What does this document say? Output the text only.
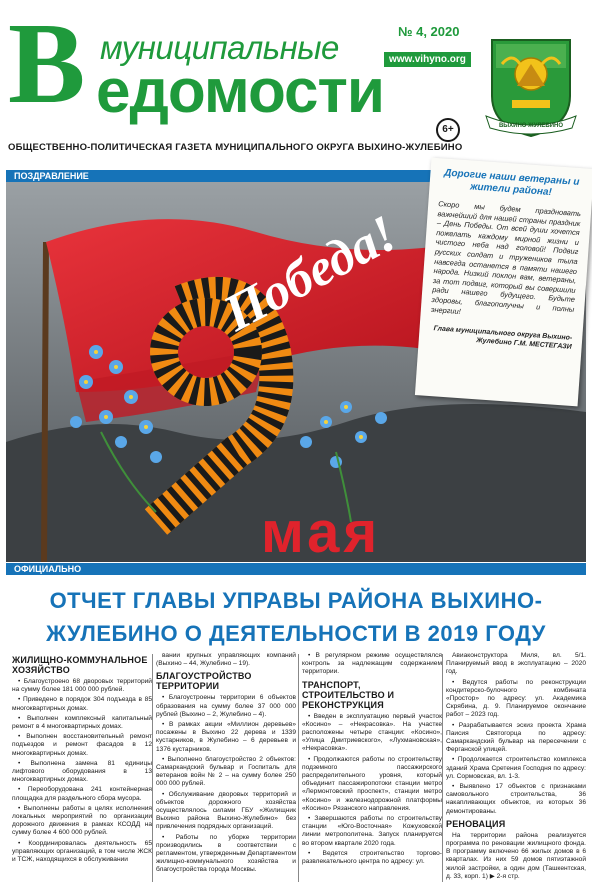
В муниципальные
едомости
№ 4, 2020
www.vihyno.org
6+	ВЫХИНО ЖУЛЕБИНО
ОБЩЕСТВЕННО-ПОЛИТИЧЕСКАЯ ГАЗЕТА МУНИЦИПАЛЬНОГО ОКРУГА ВЫХИНО-ЖУЛЕБИНО
ПОЗДРАВЛЕНИЕ
Победа!
мая
Дорогие наши ветераны и жители района!
Скоро мы будем праздновать важнейший для нашей страны праздник – День Победы. От всей души хочется пожелать каждому мирной жизни и чистого неба над головой! Подвиг русских солдат и тружеников тыла навсегда останется в памяти нашего народа. Низкий поклон вам, ветераны, за тот подвиг, который вы совершили ради нашего будущего. Будьте здоровы, благополучны и полны энергии!
Глава муниципального округа Выхино-Жулебино Г.М. МЕСТЕГАЗИ
ОФИЦИАЛЬНО
ОТЧЕТ ГЛАВЫ УПРАВЫ РАЙОНА ВЫХИНО-ЖУЛЕБИНО О ДЕЯТЕЛЬНОСТИ В 2019 ГОДУ
ЖИЛИЩНО-КОММУНАЛЬНОЕ ХОЗЯЙСТВО

• Благоустроено 68 дворовых территорий на сумму более 181 000 000 рублей.

• Приведено в порядок 304 подъезда в 85 многоквартирных домах.

• Выполнен комплексный капитальный ремонт в 4 многоквартирных домах.

• Выполнен восстановительный ремонт подъездов и ремонт фасадов в 12 многоквартирных домах.

• Выполнена замена 81 единицы лифтового оборудования в 13 многоквартирных домах.

• Переоборудована 241 контейнерная площадка для раздельного сбора мусора.

• Выполнены работы в целях исполнения локальных мероприятий по организации дорожного движения в рамках КСОДД на сумму более 4 600 000 рублей.

• Координировалась деятельность 65 управляющих организаций, в том числе ЖСК и ТСЖ, находящихся в обслуживании

вании крупных управляющих компаний (Выхино – 44, Жулебино – 19).

БЛАГОУСТРОЙСТВО ТЕРРИТОРИИ

• Благоустроены территории 6 объектов образования на сумму более 37 000 000 рублей (Выхино – 2, Жулебино – 4).

• В рамках акции «Миллион деревьев» посажены в Выхино 22 дерева и 1339 кустарников, в Жулебино – 6 деревьев и 1376 кустарников.

• Выполнено благоустройство 2 объектов: Самаркандский бульвар и Госпиталь для ветеранов войн № 2 – на сумму более 250 000 000 рублей.

• Обслуживание дворовых территорий и объектов дорожного хозяйства осуществлялось силами ГБУ «Жилищник Выхино района Выхино-Жулебино» без привлечения подрядных организаций.

• Работы по уборке территории производились в соответствии с регламентом, утвержденным Департаментом жилищно-коммунального хозяйства и благоустройства города Москвы.

• В регулярном режиме осуществлялся контроль за надлежащим содержанием территории.

ТРАНСПОРТ, СТРОИТЕЛЬСТВО И РЕКОНСТРУКЦИЯ

• Введен в эксплуатацию первый участок «Косино» – «Некрасовка». На участке расположены четыре станции: «Косино», «Улица Дмитриевского», «Лухмановская», «Некрасовка».

• Продолжаются работы по строительству подземного пассажирского распределительного уровня, который объединит пассажиропотоки станции метро «Лермонтовский проспект», станции метро «Косино» и железнодорожной платформы «Косино» Рязанского направления.

• Завершаются работы по строительству станции «Юго-Восточная» Кожуховской линии метрополитена. Запуск планируется во втором квартале 2020 года.

• Ведется строительство торгово-развлекательного центра по адресу: ул.

Авиаконструктора Миля, вл. 5/1. Планируемый ввод в эксплуатацию – 2020 год.

• Ведутся работы по реконструкции кондитерско-булочного комбината «Простор» по адресу: ул. Академика Скрябина, д. 9. Планируемое окончание работ – 2023 год.

• Разрабатывается эскиз проекта Храма Паисия Святогорца по адресу: Самаркандский бульвар на пересечении с Ферганской улицей.

• Продолжается строительство комплекса зданий Храма Сретения Господня по адресу: ул. Сормовская, вл. 1-3.

• Выявлено 17 объектов с признаками самовольного строительства, 36 накапливающих объектов, из которых 36 демонтированы.

РЕНОВАЦИЯ

На территории района реализуется программа по реновации жилищного фонда. В программу включено 66 жилых домов в 6 кварталах. Из них 59 домов пятиэтажной жилой застройки, а один дом (Ташкентская, д. 33, корп. 1) ▶ 2-я стр.
